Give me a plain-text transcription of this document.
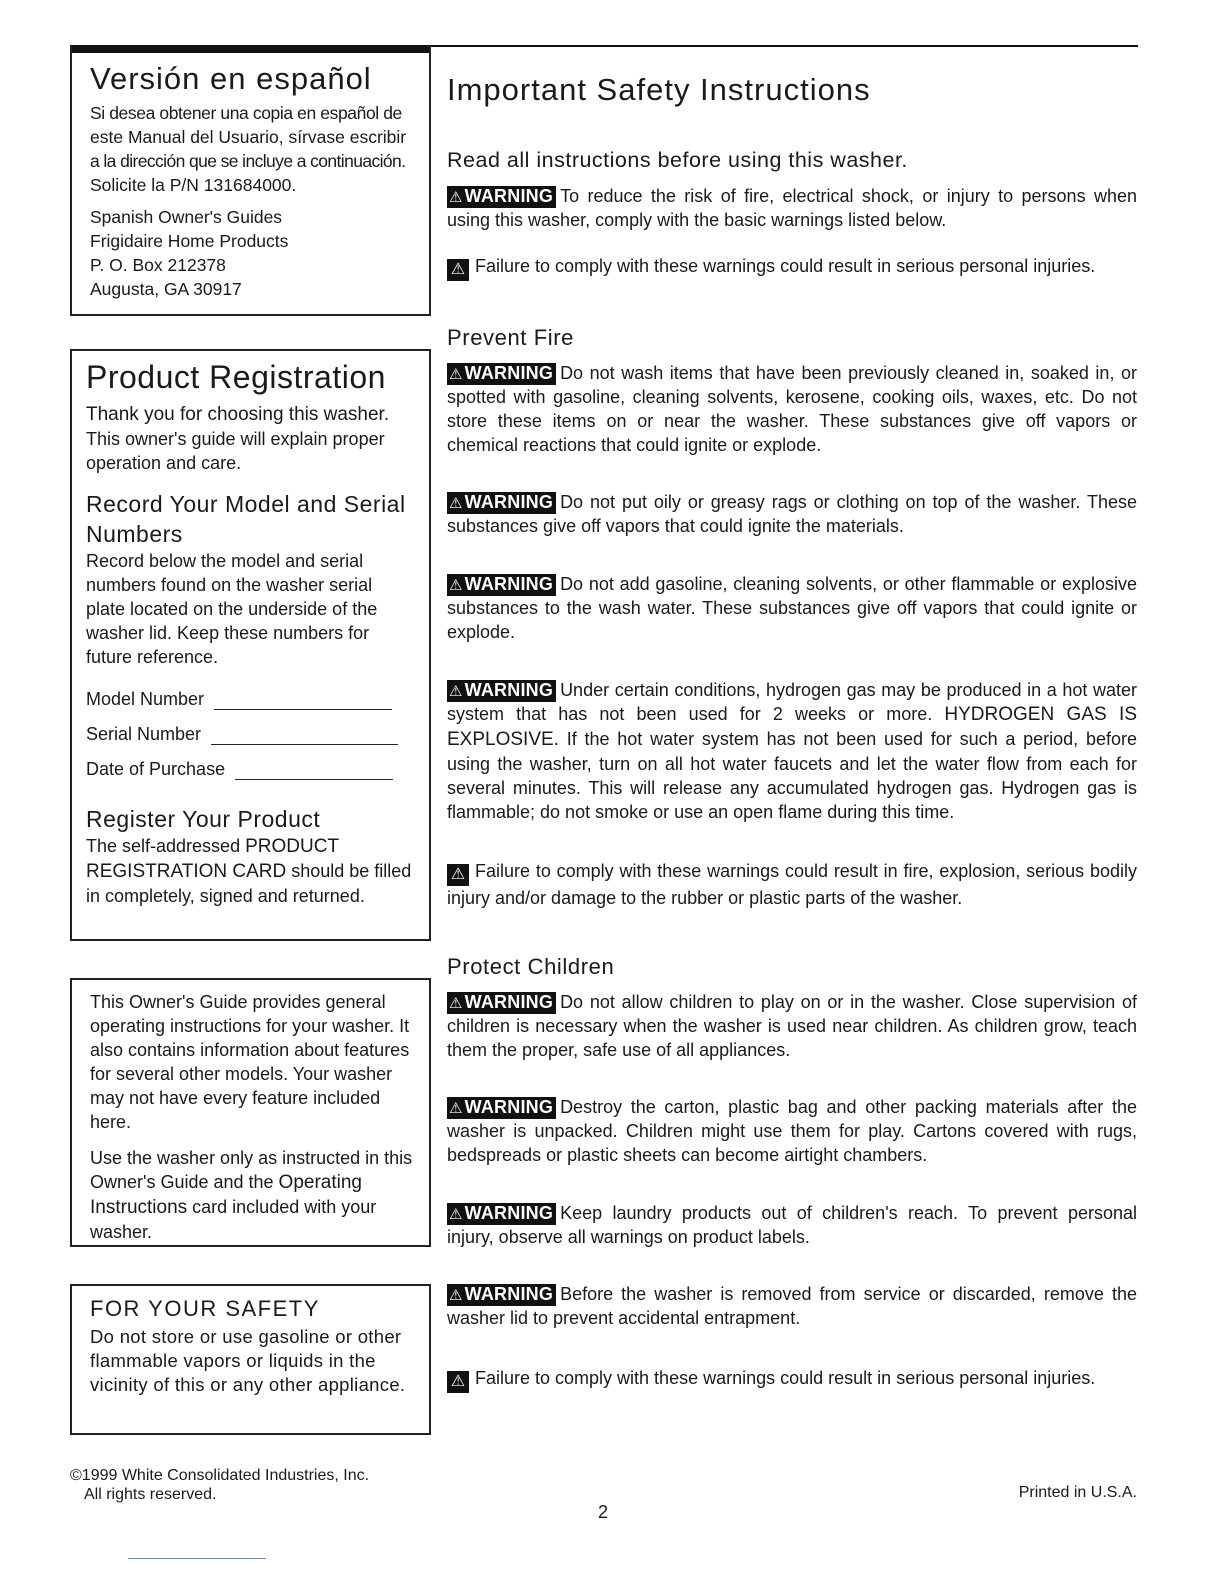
Versión en español

Si desea obtener una copia en español de

este Manual del Usuario, sírvase escribir

a la dirección que se incluye a continuación.

Solicite la P/N 131684000.

Spanish Owner's Guides

Frigidaire Home Products

P. O. Box 212378

Augusta, GA 30917

Product Registration

Thank you for choosing this washer. This owner's guide will explain proper operation and care.

Record Your Model and Serial Numbers

Record below the model and serial numbers found on the washer serial plate located on the underside of the washer lid. Keep these numbers for future reference.

Model Number
Serial Number
Date of Purchase
Register Your Product

The self-addressed PRODUCT REGISTRATION CARD should be filled in completely, signed and returned.

This Owner's Guide provides general operating instructions for your washer. It also contains information about features for several other models. Your washer may not have every feature included here.

Use the washer only as instructed in this Owner's Guide and the Operating Instructions card included with your washer.

FOR YOUR SAFETY

Do not store or use gasoline or other flammable vapors or liquids in the vicinity of this or any other appliance.

Important Safety Instructions
Read all instructions before using this washer.
⚠ WARNING To reduce the risk of fire, electrical shock, or injury to persons when using this washer, comply with the basic warnings listed below.
⚠ Failure to comply with these warnings could result in serious personal injuries.
Prevent Fire
⚠ WARNING Do not wash items that have been previously cleaned in, soaked in, or spotted with gasoline, cleaning solvents, kerosene, cooking oils, waxes, etc. Do not store these items on or near the washer. These substances give off vapors or chemical reactions that could ignite or explode.
⚠ WARNING Do not put oily or greasy rags or clothing on top of the washer. These substances give off vapors that could ignite the materials.
⚠ WARNING Do not add gasoline, cleaning solvents, or other flammable or explosive substances to the wash water. These substances give off vapors that could ignite or explode.
⚠ WARNING Under certain conditions, hydrogen gas may be produced in a hot water system that has not been used for 2 weeks or more. HYDROGEN GAS IS EXPLOSIVE. If the hot water system has not been used for such a period, before using the washer, turn on all hot water faucets and let the water flow from each for several minutes. This will release any accumulated hydrogen gas. Hydrogen gas is flammable; do not smoke or use an open flame during this time.
⚠ Failure to comply with these warnings could result in fire, explosion, serious bodily injury and/or damage to the rubber or plastic parts of the washer.
Protect Children
⚠ WARNING Do not allow children to play on or in the washer. Close supervision of children is necessary when the washer is used near children. As children grow, teach them the proper, safe use of all appliances.
⚠ WARNING Destroy the carton, plastic bag and other packing materials after the washer is unpacked. Children might use them for play. Cartons covered with rugs, bedspreads or plastic sheets can become airtight chambers.
⚠ WARNING Keep laundry products out of children's reach. To prevent personal injury, observe all warnings on product labels.
⚠ WARNING Before the washer is removed from service or discarded, remove the washer lid to prevent accidental entrapment.
⚠ Failure to comply with these warnings could result in serious personal injuries.
©1999 White Consolidated Industries, Inc.
All rights reserved.	Printed in U.S.A.
2
